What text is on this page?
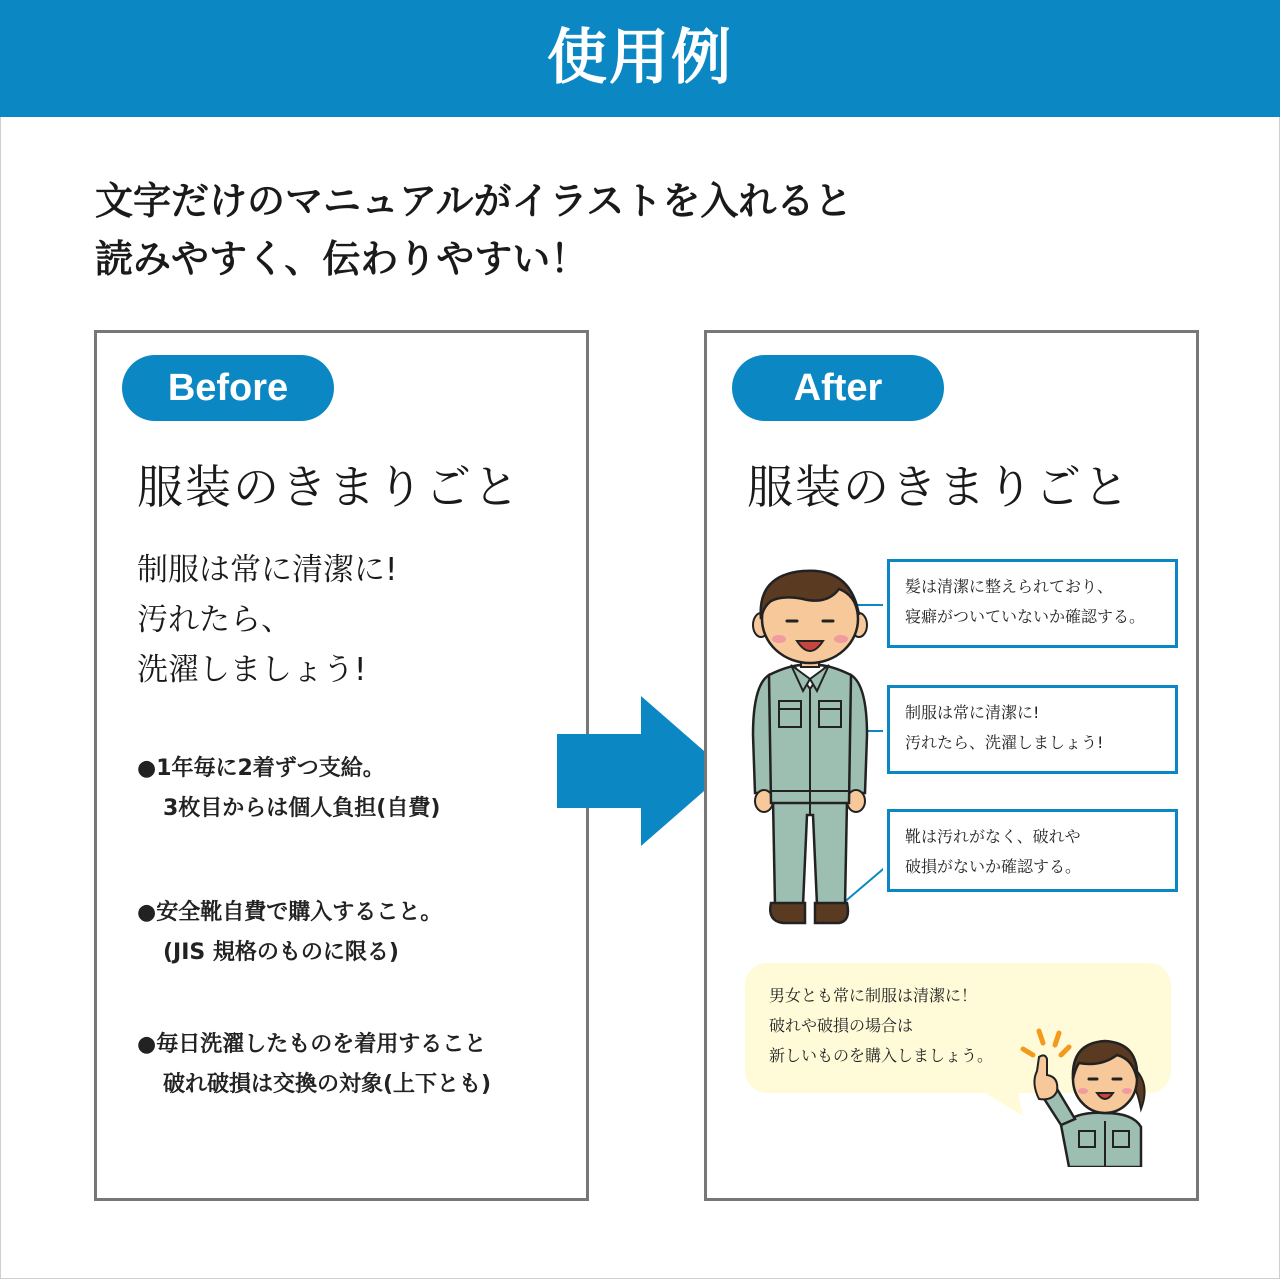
使用例
文字だけのマニュアルがイラストを入れると
読みやすく、伝わりやすい！
Before
服装のきまりごと
制服は常に清潔に!
汚れたら、
洗濯しましょう!
●1年毎に2着ずつ支給。
3枚目からは個人負担(自費)
●安全靴自費で購入すること。
(JIS 規格のものに限る)
●毎日洗濯したものを着用すること
破れ破損は交換の対象(上下とも)
After
服装のきまりごと
髪は清潔に整えられており、
寝癖がついていないか確認する。
制服は常に清潔に!
汚れたら、洗濯しましょう!
靴は汚れがなく、破れや
破損がないか確認する。
男女とも常に制服は清潔に！
破れや破損の場合は
新しいものを購入しましょう。
